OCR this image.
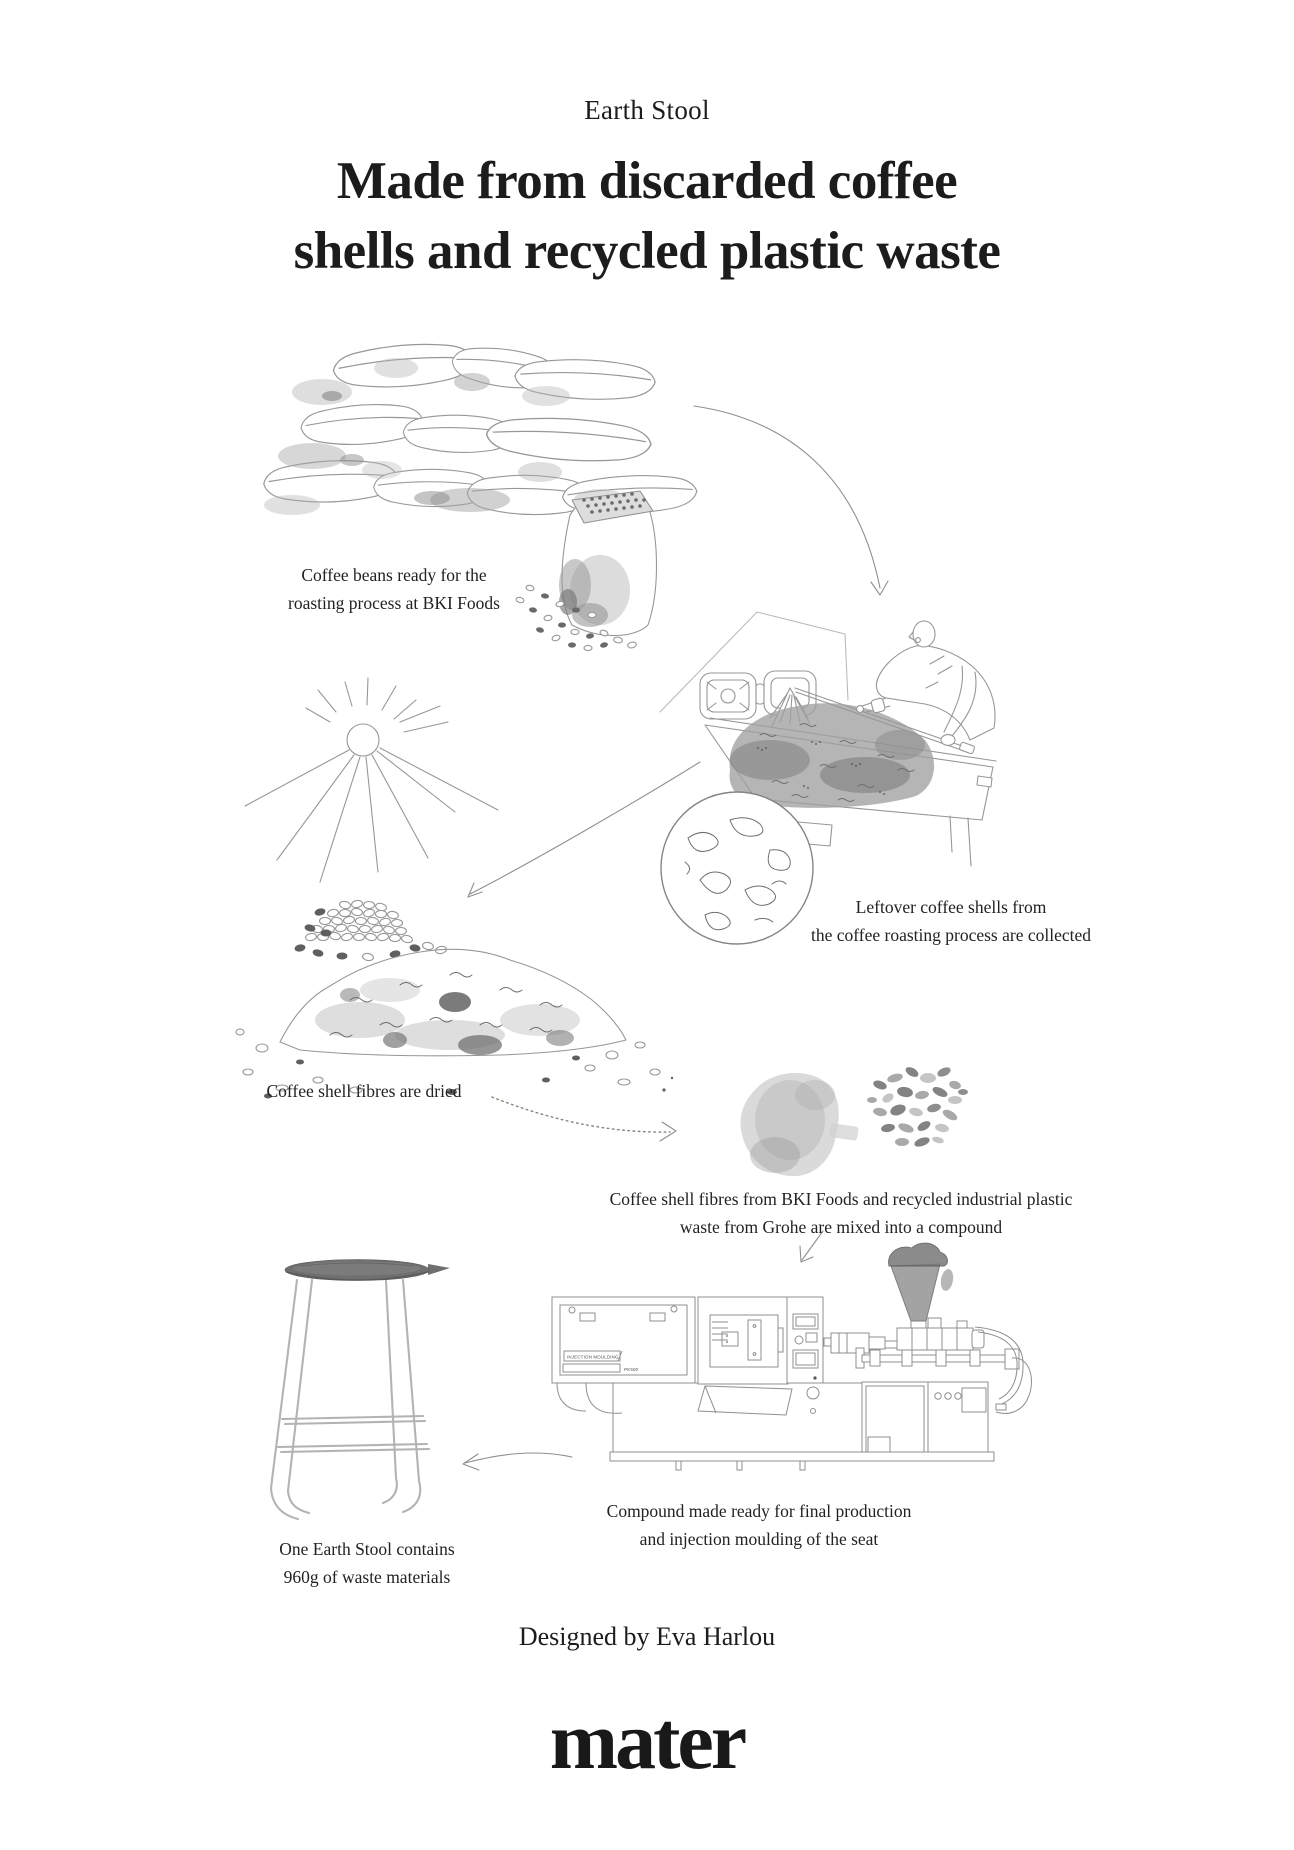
Earth Stool
Made from discarded coffee
shells and recycled plastic waste
INJECTION MOULDING
PK500
Coffee beans ready for the
roasting process at BKI Foods
Leftover coffee shells from
the coffee roasting process are collected
Coffee shell fibres are dried
Coffee shell fibres from BKI Foods and recycled industrial plastic
waste from Grohe are mixed into a compound
Compound made ready for final production
and injection moulding of the seat
One Earth Stool contains
960g of waste materials
Designed by Eva Harlou
mater
